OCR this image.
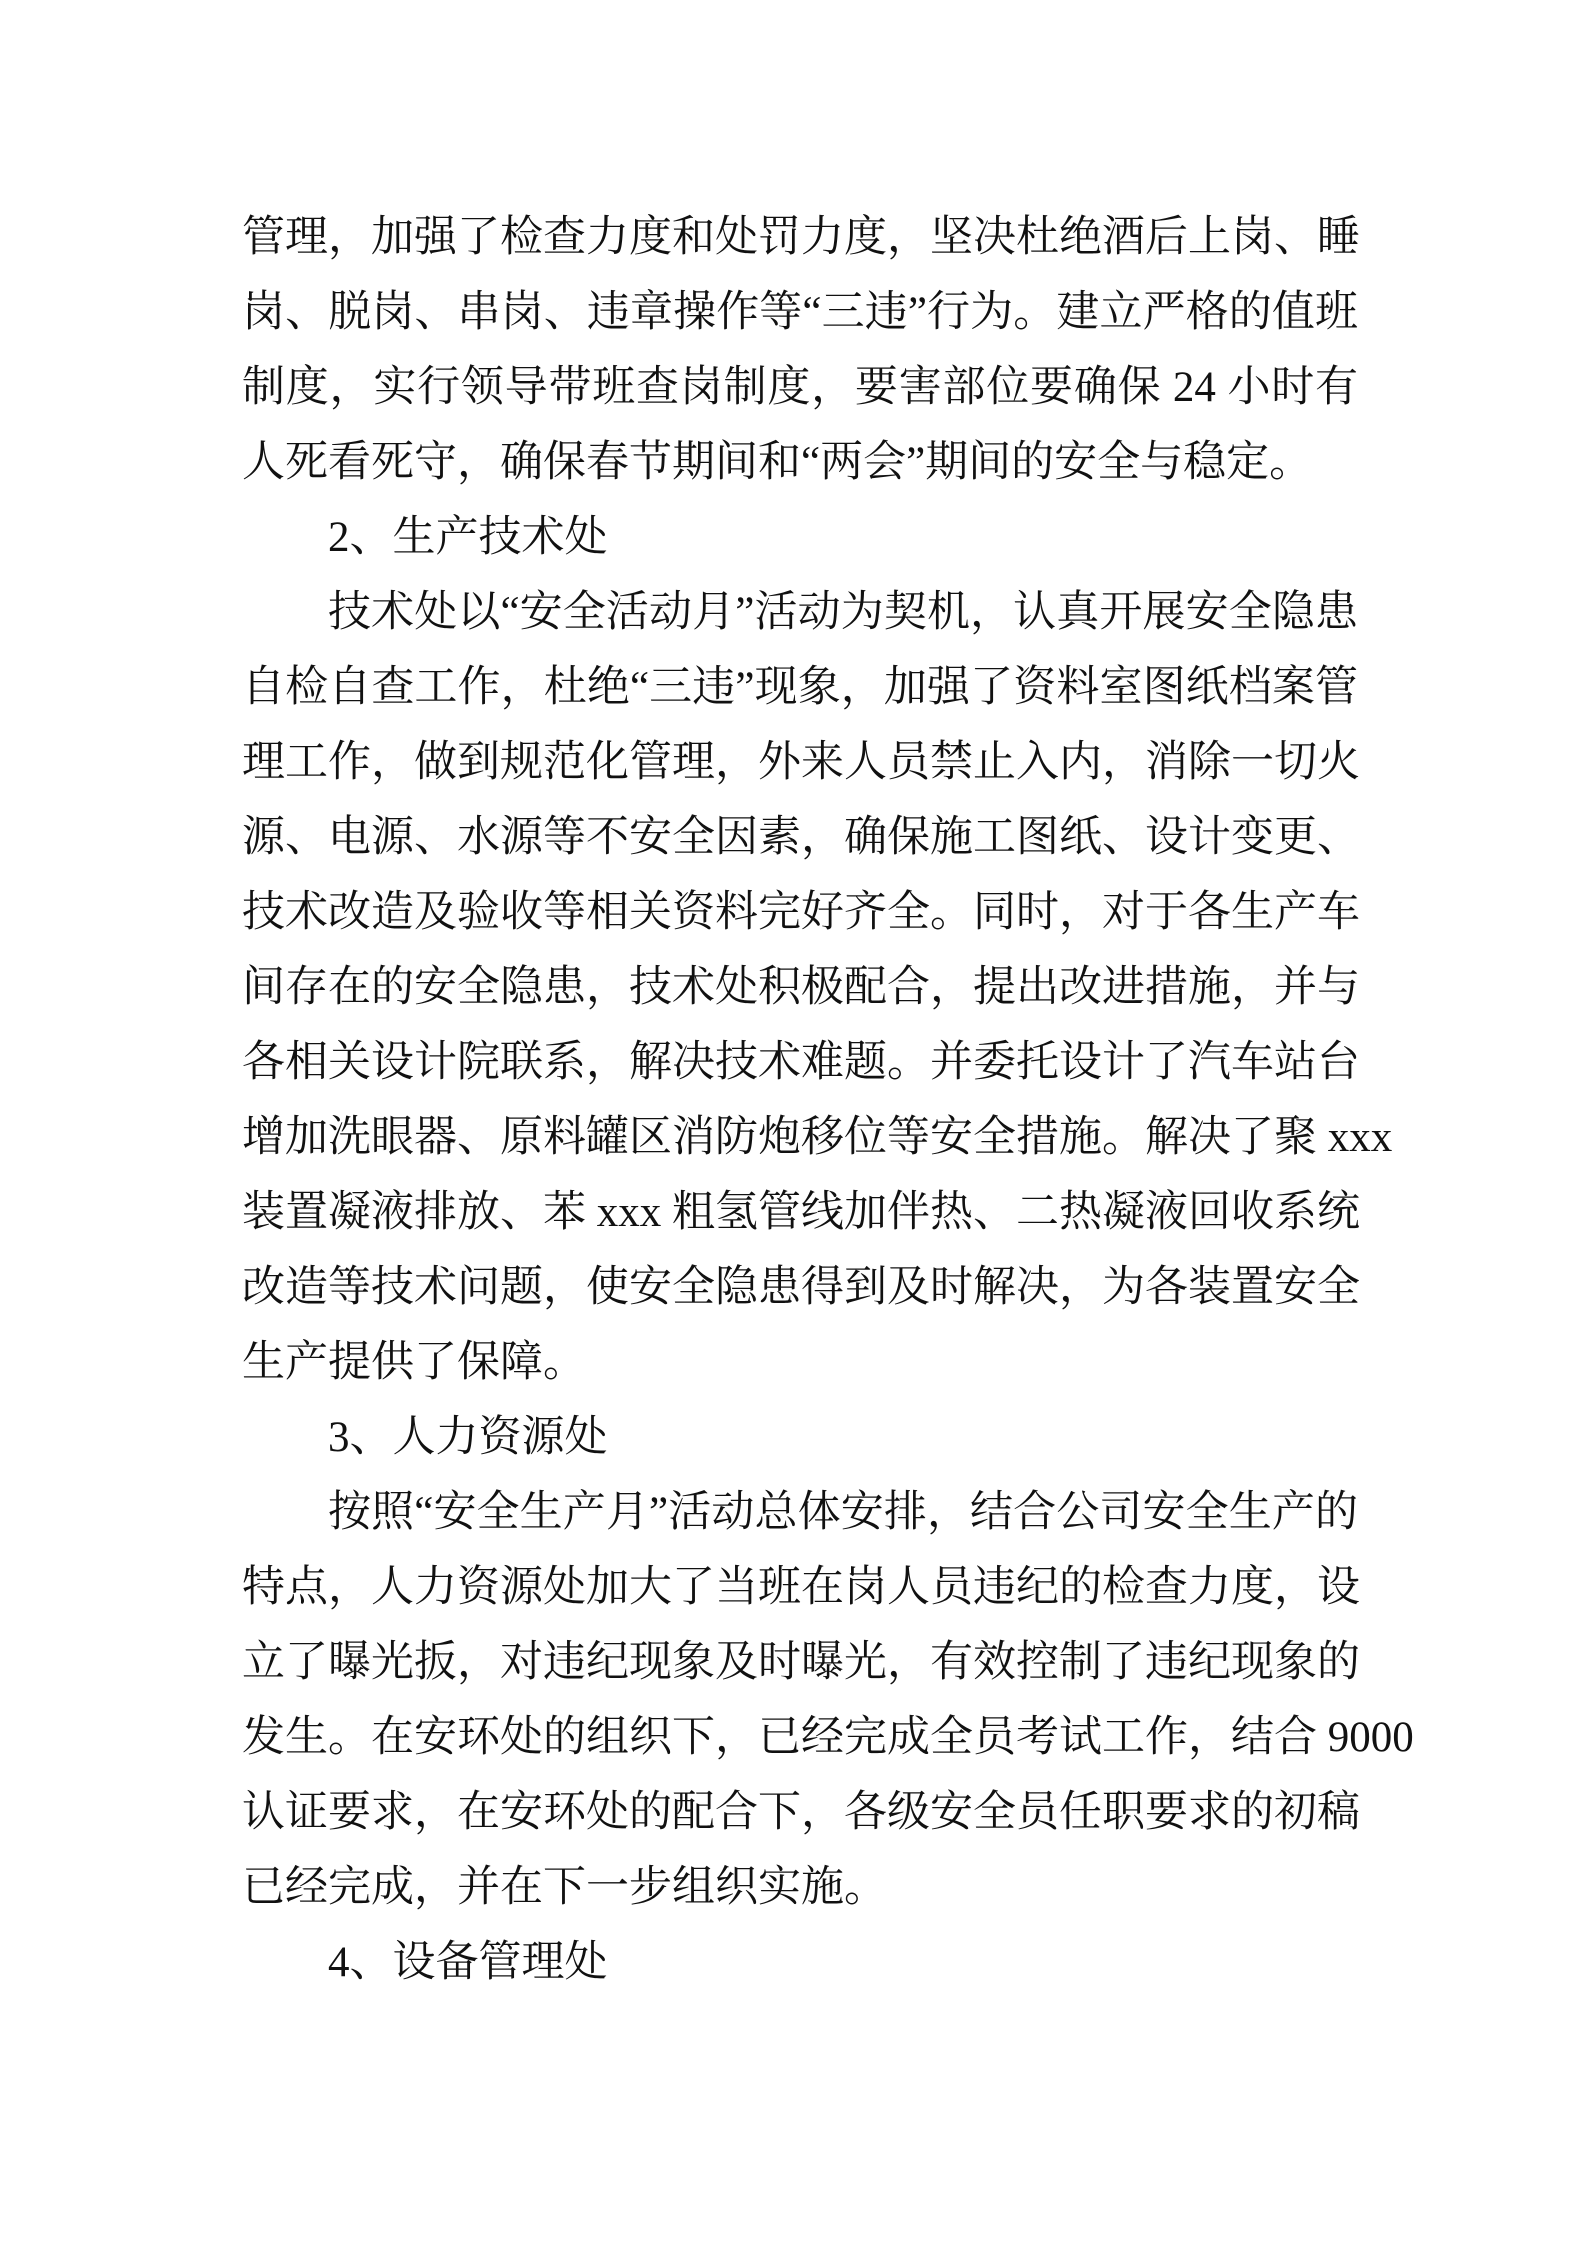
管理，加强了检查力度和处罚力度，坚决杜绝酒后上岗、睡
岗、脱岗、串岗、违章操作等“三违”行为。建立严格的值班
制度，实行领导带班查岗制度，要害部位要确保 24 小时有
人死看死守，确保春节期间和“两会”期间的安全与稳定。
2、生产技术处
技术处以“安全活动月”活动为契机，认真开展安全隐患
自检自查工作，杜绝“三违”现象，加强了资料室图纸档案管
理工作，做到规范化管理，外来人员禁止入内，消除一切火
源、电源、水源等不安全因素，确保施工图纸、设计变更、
技术改造及验收等相关资料完好齐全。同时，对于各生产车
间存在的安全隐患，技术处积极配合，提出改进措施，并与
各相关设计院联系，解决技术难题。并委托设计了汽车站台
增加洗眼器、原料罐区消防炮移位等安全措施。解决了聚 xxx
装置凝液排放、苯 xxx 粗氢管线加伴热、二热凝液回收系统
改造等技术问题，使安全隐患得到及时解决，为各装置安全
生产提供了保障。
3、人力资源处
按照“安全生产月”活动总体安排，结合公司安全生产的
特点，人力资源处加大了当班在岗人员违纪的检查力度，设
立了曝光扳，对违纪现象及时曝光，有效控制了违纪现象的
发生。在安环处的组织下，已经完成全员考试工作，结合 9000
认证要求，在安环处的配合下，各级安全员任职要求的初稿
已经完成，并在下一步组织实施。
4、设备管理处
